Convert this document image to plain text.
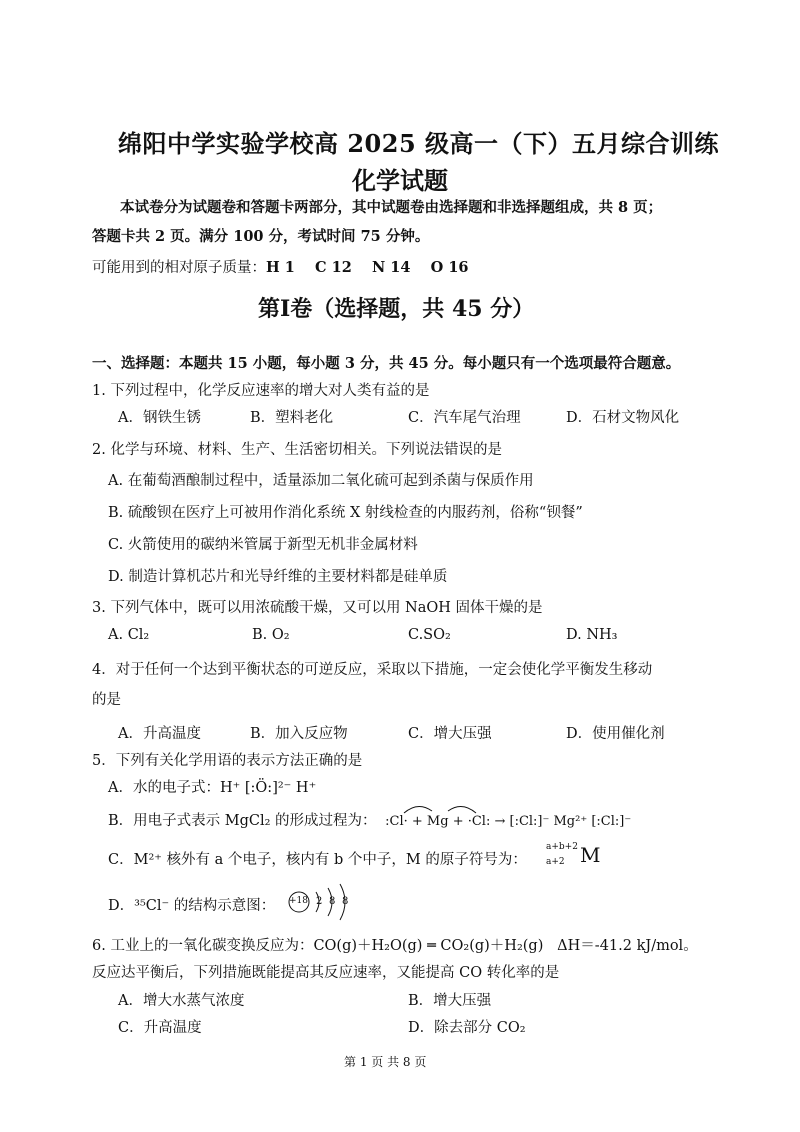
绵阳中学实验学校高 2025 级高一（下）五月综合训练
化学试题
本试卷分为试题卷和答题卡两部分，其中试题卷由选择题和非选择题组成，共 8 页；
答题卡共 2 页。满分 100 分，考试时间 75 分钟。
可能用到的相对原子质量：H 1    C 12    N 14    O 16
第Ⅰ卷（选择题，共 45 分）
一、选择题：本题共 15 小题，每小题 3 分，共 45 分。每小题只有一个选项最符合题意。
1. 下列过程中，化学反应速率的增大对人类有益的是
A．钢铁生锈	B．塑料老化	C．汽车尾气治理	D．石材文物风化
2. 化学与环境、材料、生产、生活密切相关。下列说法错误的是
A. 在葡萄酒酿制过程中，适量添加二氧化硫可起到杀菌与保质作用
B. 硫酸钡在医疗上可被用作消化系统 X 射线检查的内服药剂，俗称“钡餐”
C. 火箭使用的碳纳米管属于新型无机非金属材料
D. 制造计算机芯片和光导纤维的主要材料都是硅单质
3. 下列气体中，既可以用浓硫酸干燥，又可以用 NaOH 固体干燥的是
A. Cl₂	B. O₂	C.SO₂	D. NH₃
4．对于任何一个达到平衡状态的可逆反应，采取以下措施，一定会使化学平衡发生移动
的是
A．升高温度	B．加入反应物	C．增大压强	D．使用催化剂
5．下列有关化学用语的表示方法正确的是
A．水的电子式：H⁺ [:Ö:]²⁻ H⁺
B．用电子式表示 MgCl₂ 的形成过程为： :Cl· + Mg + ·Cl: → [:Cl:]⁻ Mg²⁺ [:Cl:]⁻
C．M²⁺ 核外有 a 个电子，核内有 b 个中子，M 的原子符号为：
a+b+2
a+2 M
D．³⁵Cl⁻ 的结构示意图： +18 2 8 8
6. 工业上的一氧化碳变换反应为：CO(g)＋H₂O(g) ═ CO₂(g)＋H₂(g)   ΔH＝-41.2 kJ/mol。
反应达平衡后，下列措施既能提高其反应速率，又能提高 CO 转化率的是
A．增大水蒸气浓度	B．增大压强
C．升高温度	D．除去部分 CO₂
第 1 页 共 8 页
